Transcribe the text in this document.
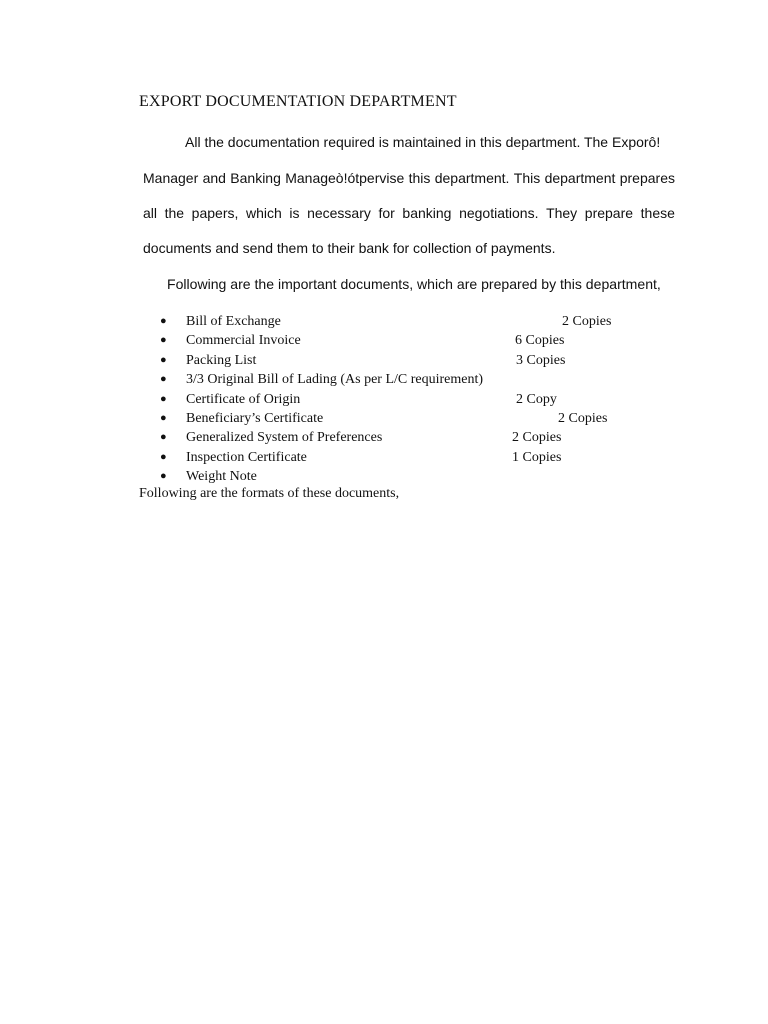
EXPORT DOCUMENTATION DEPARTMENT
All the documentation required is maintained in this department. The Exporô!
Manager and Banking Manageò!ótpervise this department. This department prepares
all the papers, which is necessary for banking negotiations. They prepare these
documents and send them to their bank for collection of payments.
Following are the important documents, which are prepared by this department,
● Bill of Exchange	2 Copies
● Commercial Invoice	6 Copies
● Packing List	3 Copies
● 3/3 Original Bill of Lading (As per L/C requirement)
● Certificate of Origin	2 Copy
● Beneficiary’s Certificate	2 Copies
● Generalized System of Preferences	2 Copies
● Inspection Certificate	1 Copies
● Weight Note
Following are the formats of these documents,
